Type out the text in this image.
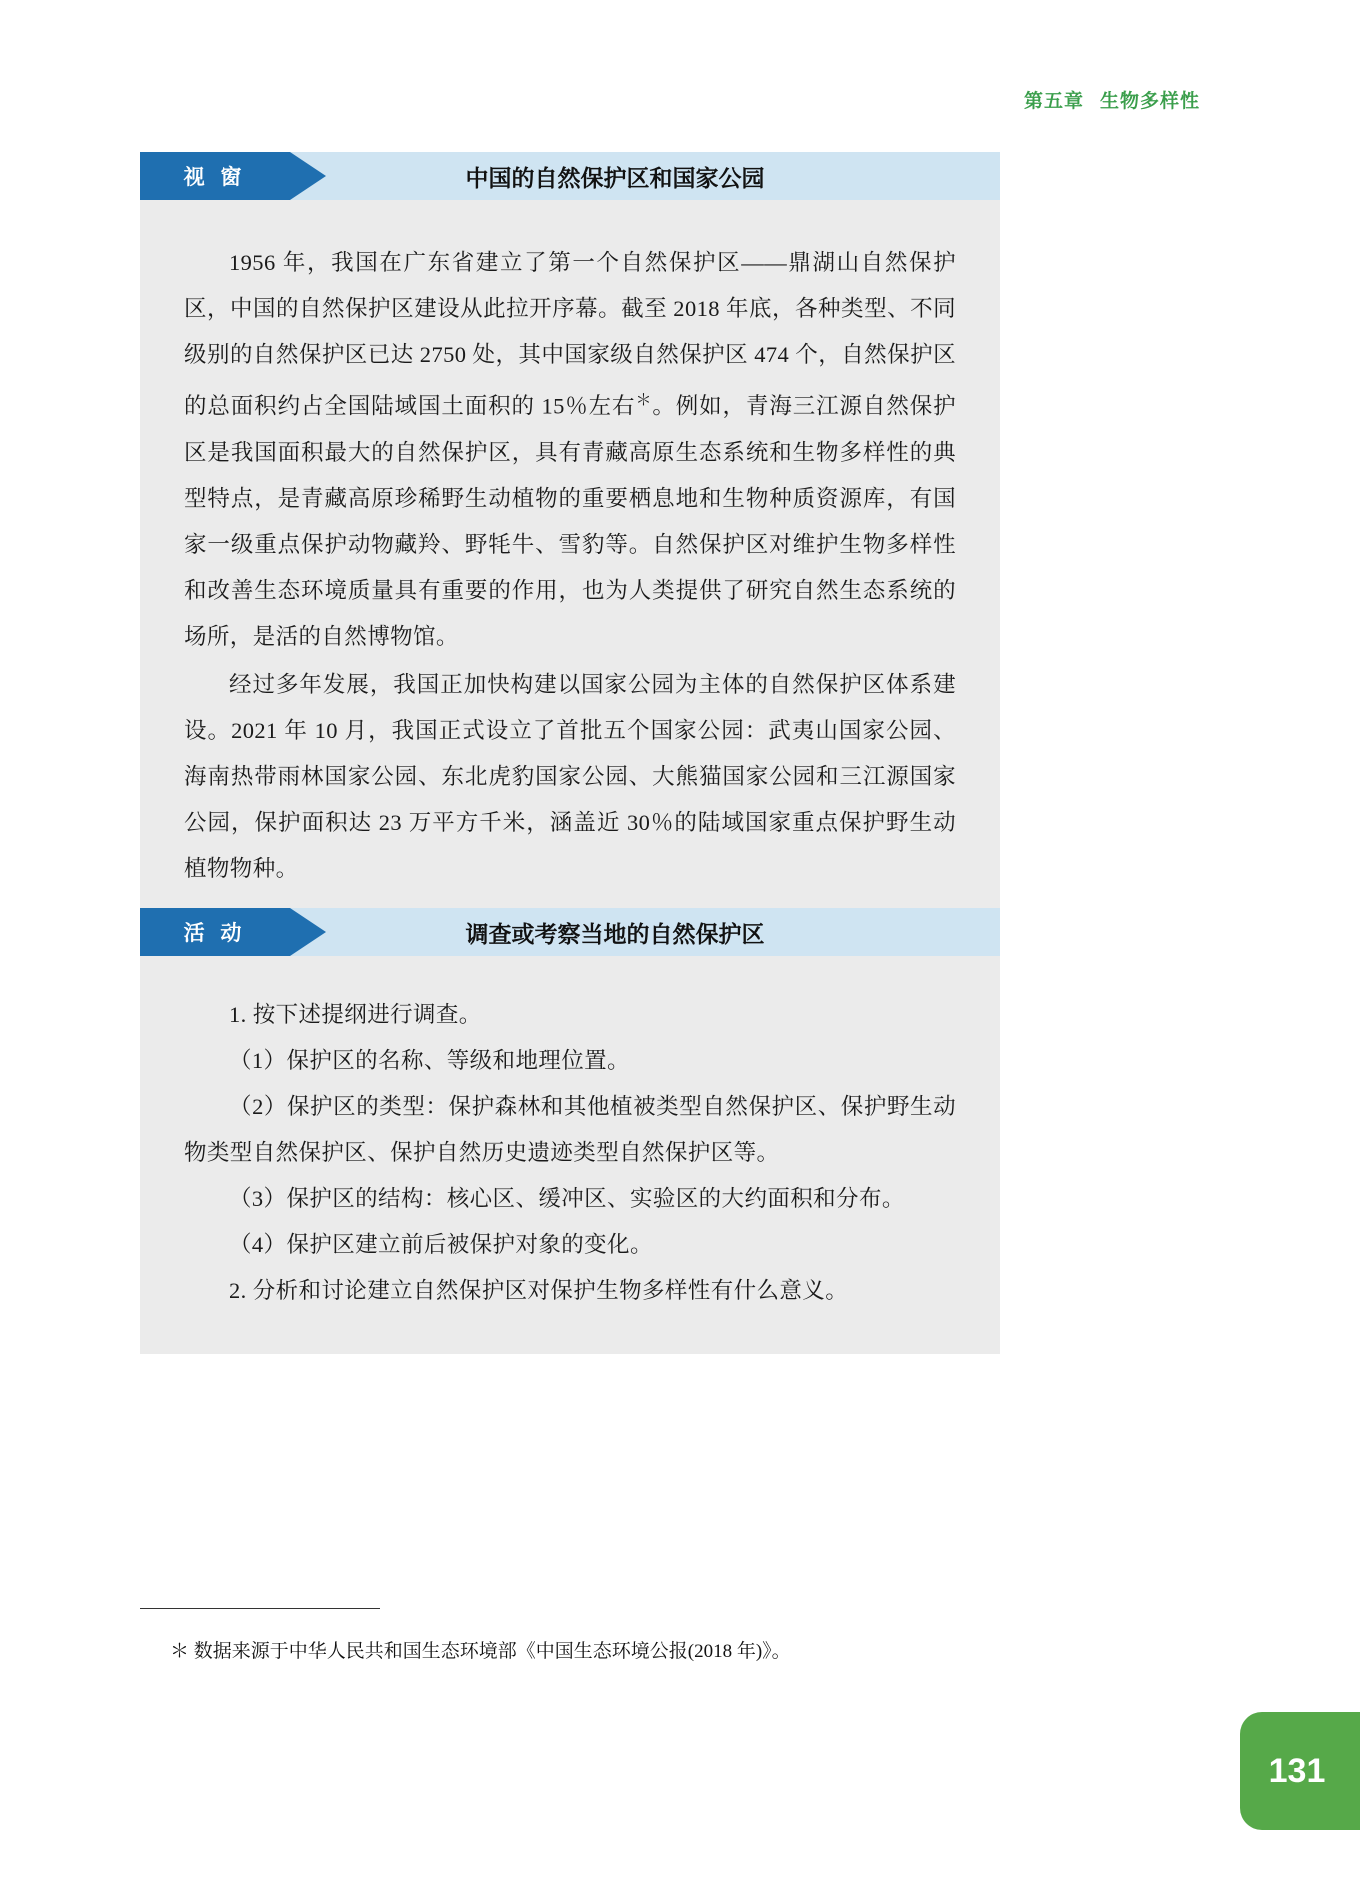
第五章 生物多样性
视 窗	中国的自然保护区和国家公园

1956 年，我国在广东省建立了第一个自然保护区——鼎湖山自然保护区，中国的自然保护区建设从此拉开序幕。截至 2018 年底，各种类型、不同级别的自然保护区已达 2750 处，其中国家级自然保护区 474 个，自然保护区的总面积约占全国陆域国土面积的 15％左右＊。例如，青海三江源自然保护区是我国面积最大的自然保护区，具有青藏高原生态系统和生物多样性的典型特点，是青藏高原珍稀野生动植物的重要栖息地和生物种质资源库，有国家一级重点保护动物藏羚、野牦牛、雪豹等。自然保护区对维护生物多样性和改善生态环境质量具有重要的作用，也为人类提供了研究自然生态系统的场所，是活的自然博物馆。

经过多年发展，我国正加快构建以国家公园为主体的自然保护区体系建设。2021 年 10 月，我国正式设立了首批五个国家公园：武夷山国家公园、海南热带雨林国家公园、东北虎豹国家公园、大熊猫国家公园和三江源国家公园，保护面积达 23 万平方千米，涵盖近 30％的陆域国家重点保护野生动植物物种。

活 动	调查或考察当地的自然保护区

1. 按下述提纲进行调查。

（1）保护区的名称、等级和地理位置。

（2）保护区的类型：保护森林和其他植被类型自然保护区、保护野生动物类型自然保护区、保护自然历史遗迹类型自然保护区等。

（3）保护区的结构：核心区、缓冲区、实验区的大约面积和分布。

（4）保护区建立前后被保护对象的变化。

2. 分析和讨论建立自然保护区对保护生物多样性有什么意义。

＊ 数据来源于中华人民共和国生态环境部《中国生态环境公报(2018 年)》。
131
